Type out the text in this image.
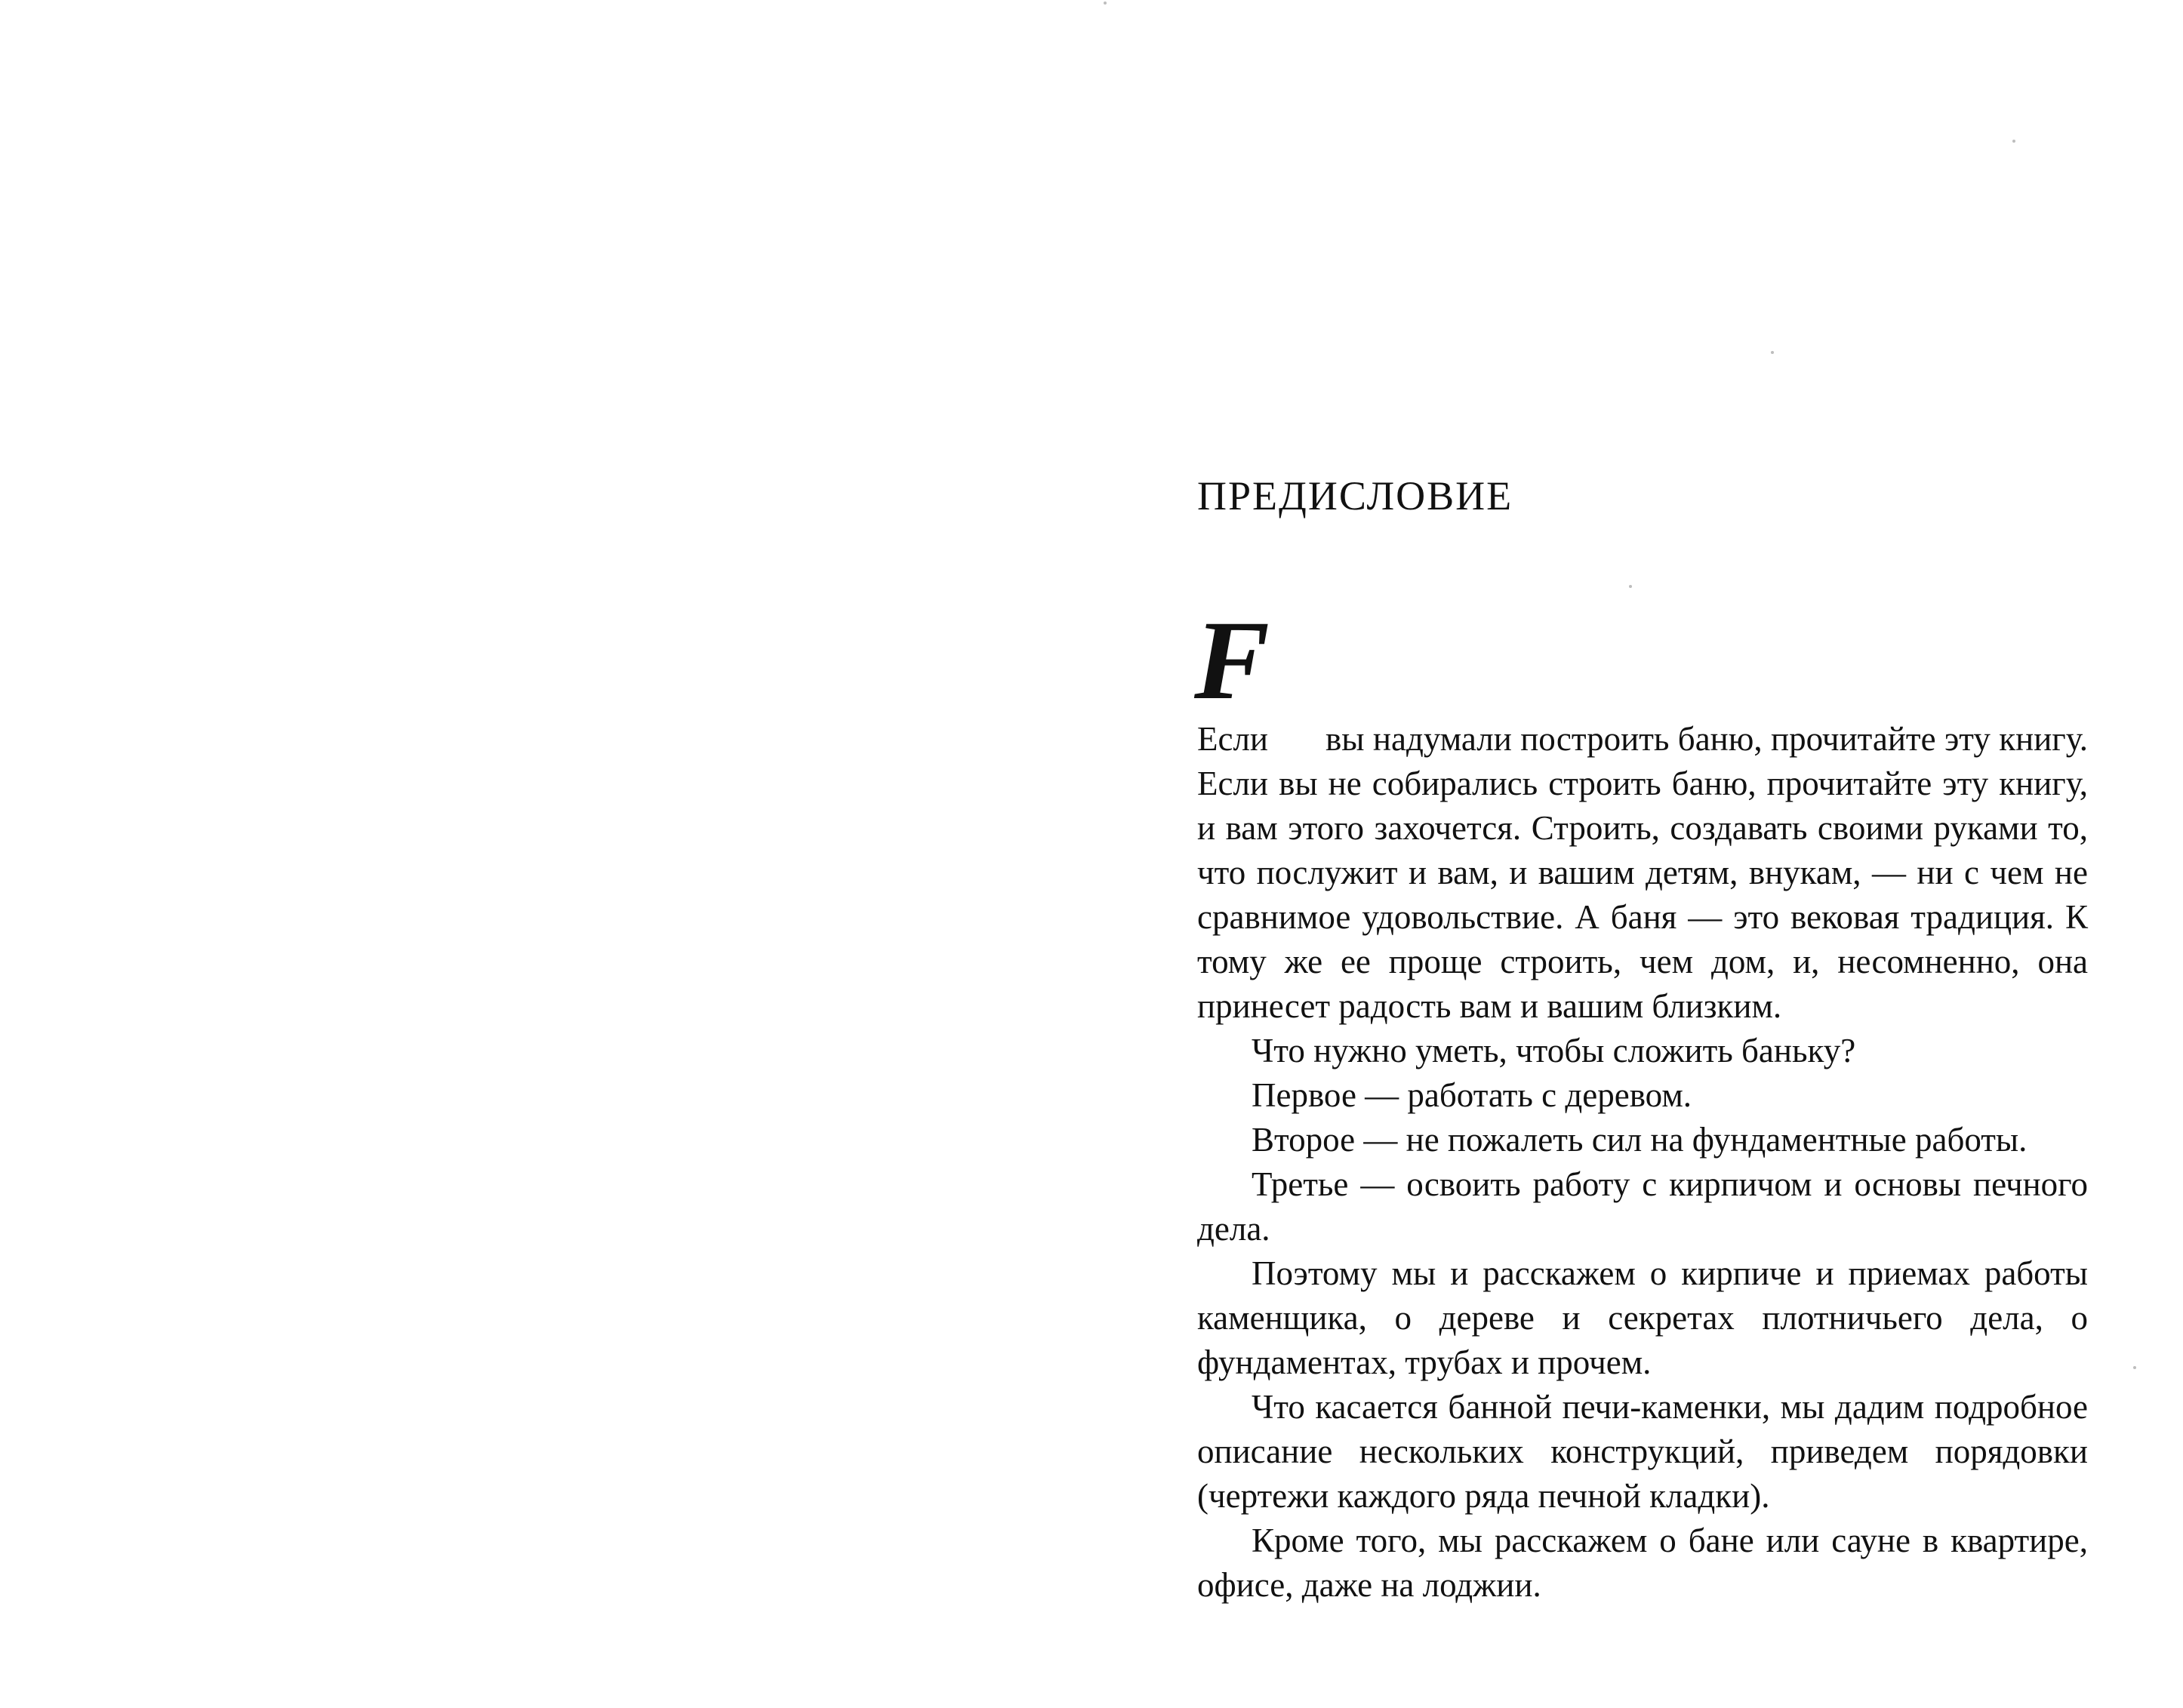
ПРЕДИСЛОВИЕ
F

Если вы надумали построить баню, прочитайте эту книгу. Если вы не собирались строить баню, прочитайте эту книгу, и вам этого захочется. Строить, создавать своими руками то, что послужит и вам, и вашим детям, внукам, — ни с чем не сравнимое удовольствие. А баня — это вековая традиция. К тому же ее проще строить, чем дом, и, несомненно, она принесет радость вам и вашим близким.

Что нужно уметь, чтобы сложить баньку?

Первое — работать с деревом.

Второе — не пожалеть сил на фундаментные работы.

Третье — освоить работу с кирпичом и основы печного дела.

Поэтому мы и расскажем о кирпиче и приемах работы каменщика, о дереве и секретах плотничьего дела, о фундаментах, трубах и прочем.

Что касается банной печи-каменки, мы дадим подробное описание нескольких конструкций, приведем порядовки (чертежи каждого ряда печной кладки).

Кроме того, мы расскажем о бане или сауне в квартире, офисе, даже на лоджии.
